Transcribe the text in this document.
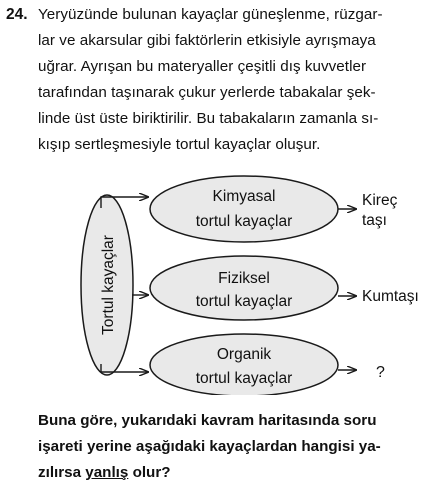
24. Yeryüzünde bulunan kayaçlar güneşlenme, rüzgar-
lar ve akarsular gibi faktörlerin etkisiyle ayrışmaya
uğrar. Ayrışan bu materyaller çeşitli dış kuvvetler
tarafından taşınarak çukur yerlerde tabakalar şek-
linde üst üste biriktirilir. Bu tabakaların zamanla sı-
kışıp sertleşmesiyle tortul kayaçlar oluşur.
Tortul kayaçlar
Kimyasal
tortul kayaçlar
Fiziksel
tortul kayaçlar
Organik
tortul kayaçlar
Kireç
taşı
Kumtaşı
?
Buna göre, yukarıdaki kavram haritasında soru
işareti yerine aşağıdaki kayaçlardan hangisi ya-
zılırsa yanlış olur?
